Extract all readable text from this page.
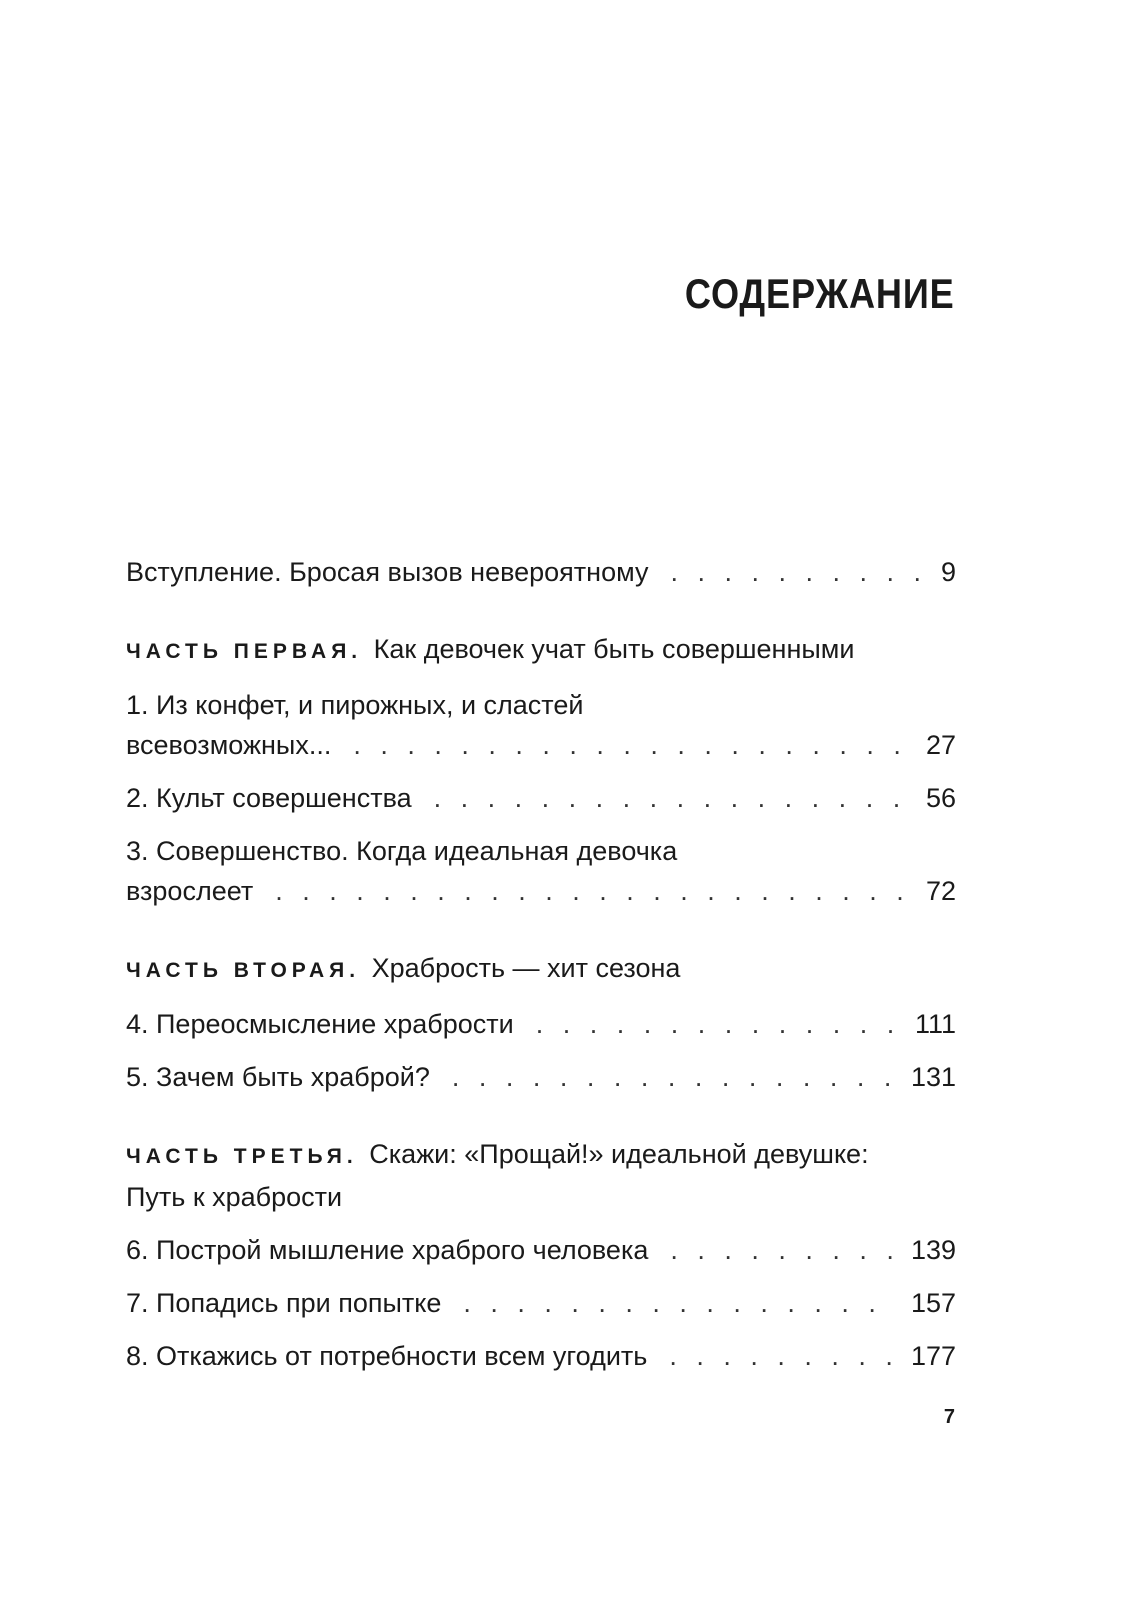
СОДЕРЖАНИЕ
Вступление. Бросая вызов невероятному . . .	9
ЧАСТЬ ПЕРВАЯ. Как девочек учат быть совершенными
1. Из конфет, и пирожных, и сластей
всевозможных... . . .	27
2. Культ совершенства . . .	56
3. Совершенство. Когда идеальная девочка
взрослеет . . .	72
ЧАСТЬ ВТОРАЯ. Храбрость — хит сезона
4. Переосмысление храбрости . . .	111
5. Зачем быть храброй? . . .	131
ЧАСТЬ ТРЕТЬЯ. Скажи: «Прощай!» идеальной девушке:
Путь к храбрости
6. Построй мышление храброго человека . . .	139
7. Попадись при попытке . . .	157
8. Откажись от потребности всем угодить . . .	177
7
